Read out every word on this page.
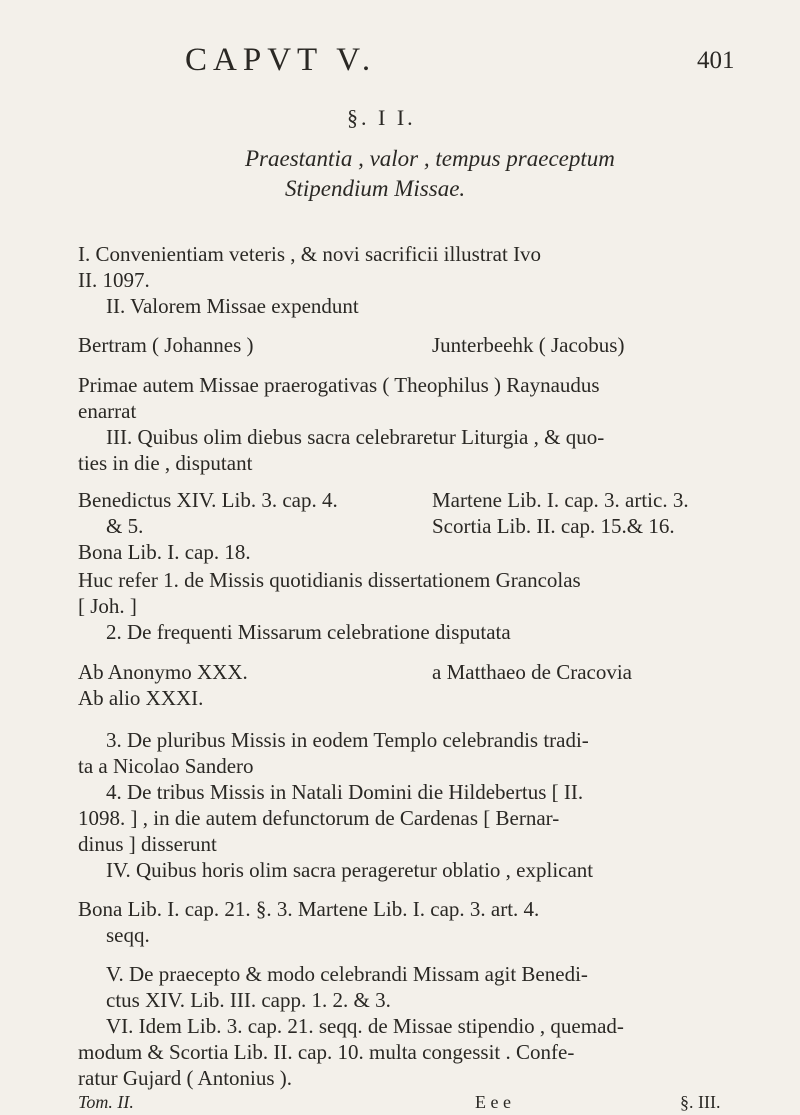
CAPVT V.	401
§. I I.
Praestantia , valor , tempus praeceptum
Stipendium Missae.
I. Convenientiam veteris , & novi sacrificii illustrat Ivo
II. 1097.
II. Valorem Missae expendunt
Bertram ( Johannes )	Junterbeehk ( Jacobus)
Primae autem Missae praerogativas ( Theophilus ) Raynaudus
enarrat
III. Quibus olim diebus sacra celebraretur Liturgia , & quo-
ties in die , disputant
Benedictus XIV. Lib. 3. cap. 4.	Martene Lib. I. cap. 3. artic. 3.
& 5.	Scortia Lib. II. cap. 15.& 16.
Bona Lib. I. cap. 18.
Huc refer 1. de Missis quotidianis dissertationem Grancolas
[ Joh. ]
2. De frequenti Missarum celebratione disputata
Ab Anonymo XXX.	a Matthaeo de Cracovia
Ab alio XXXI.
3. De pluribus Missis in eodem Templo celebrandis tradi-
ta a Nicolao Sandero
4. De tribus Missis in Natali Domini die Hildebertus [ II.
1098. ] , in die autem defunctorum de Cardenas [ Bernar-
dinus ] disserunt
IV. Quibus horis olim sacra perageretur oblatio , explicant
Bona Lib. I. cap. 21. §. 3. Martene Lib. I. cap. 3. art. 4.
seqq.
V. De praecepto & modo celebrandi Missam agit Benedi-
ctus XIV. Lib. III. capp. 1. 2. & 3.
VI. Idem Lib. 3. cap. 21. seqq. de Missae stipendio , quemad-
modum & Scortia Lib. II. cap. 10. multa congessit . Confe-
ratur Gujard ( Antonius ).
Tom. II.	E e e	§. III.
